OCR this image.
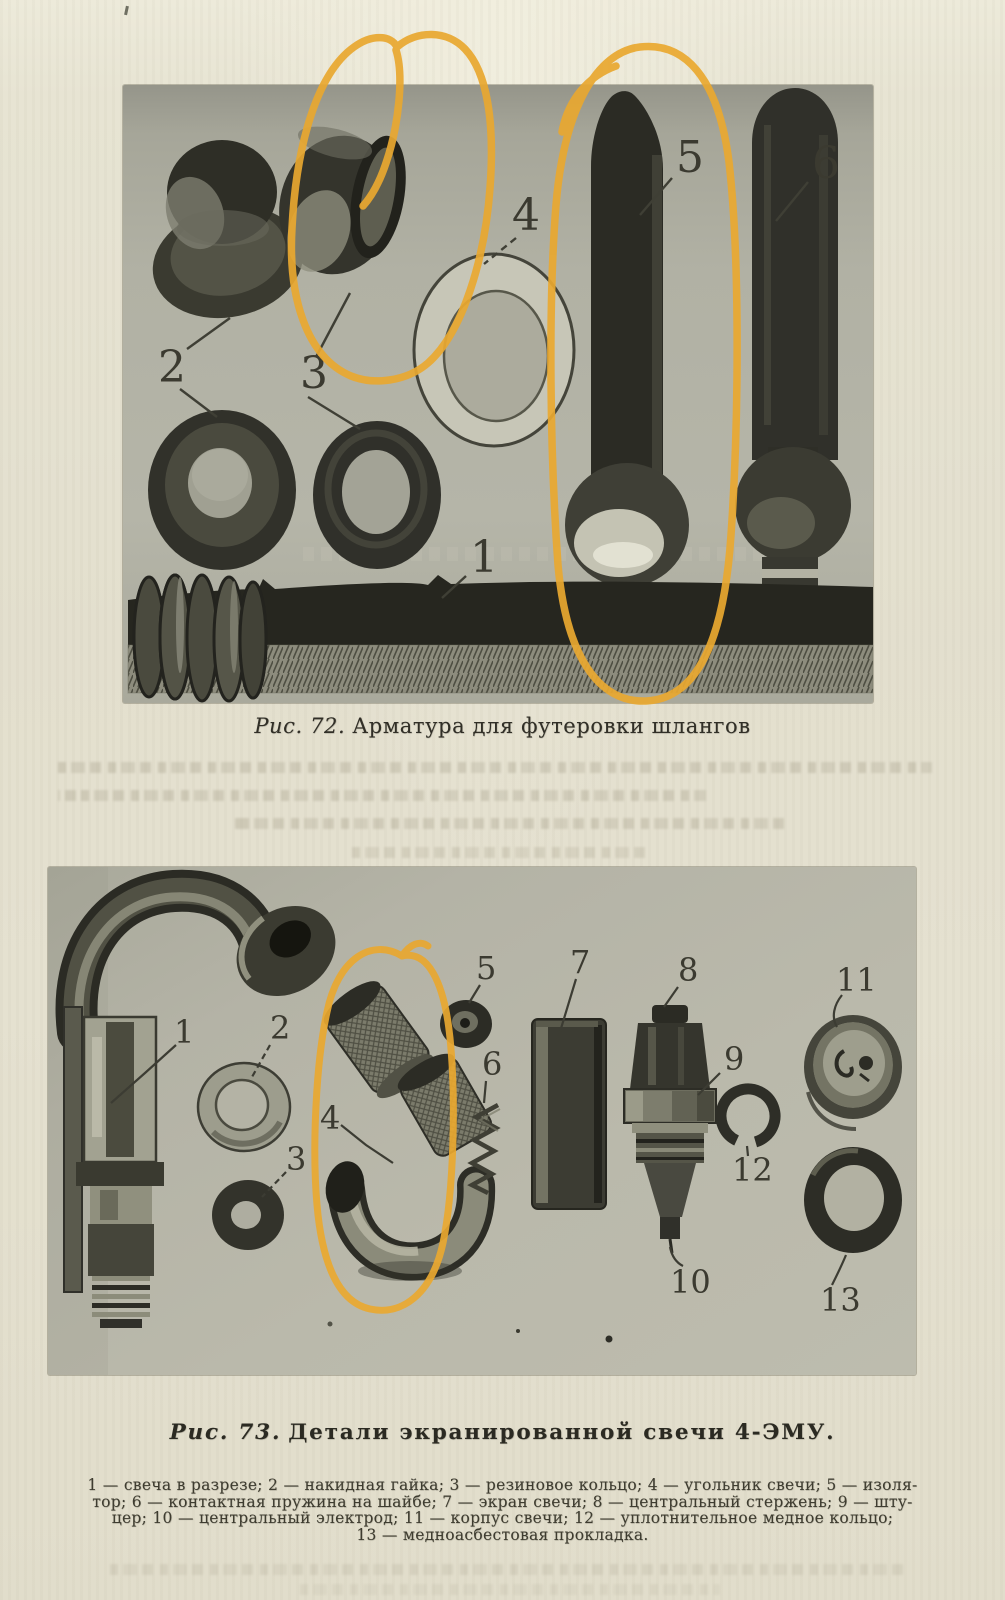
1
2	3
4
5 6
Рис. 72. Арматура для футеровки шлангов
1 2
3
4
5
6
7	8
9
10
11
12
13
Рис. 73. Детали экранированной свечи 4-ЭМУ.
1 — свеча в разрезе; 2 — накидная гайка; 3 — резиновое кольцо; 4 — угольник свечи; 5 — изоля-
тор; 6 — контактная пружина на шайбе; 7 — экран свечи; 8 — центральный стержень; 9 — шту-
цер; 10 — центральный электрод; 11 — корпус свечи; 12 — уплотнительное медное кольцо;
13 — медноасбестовая прокладка.
